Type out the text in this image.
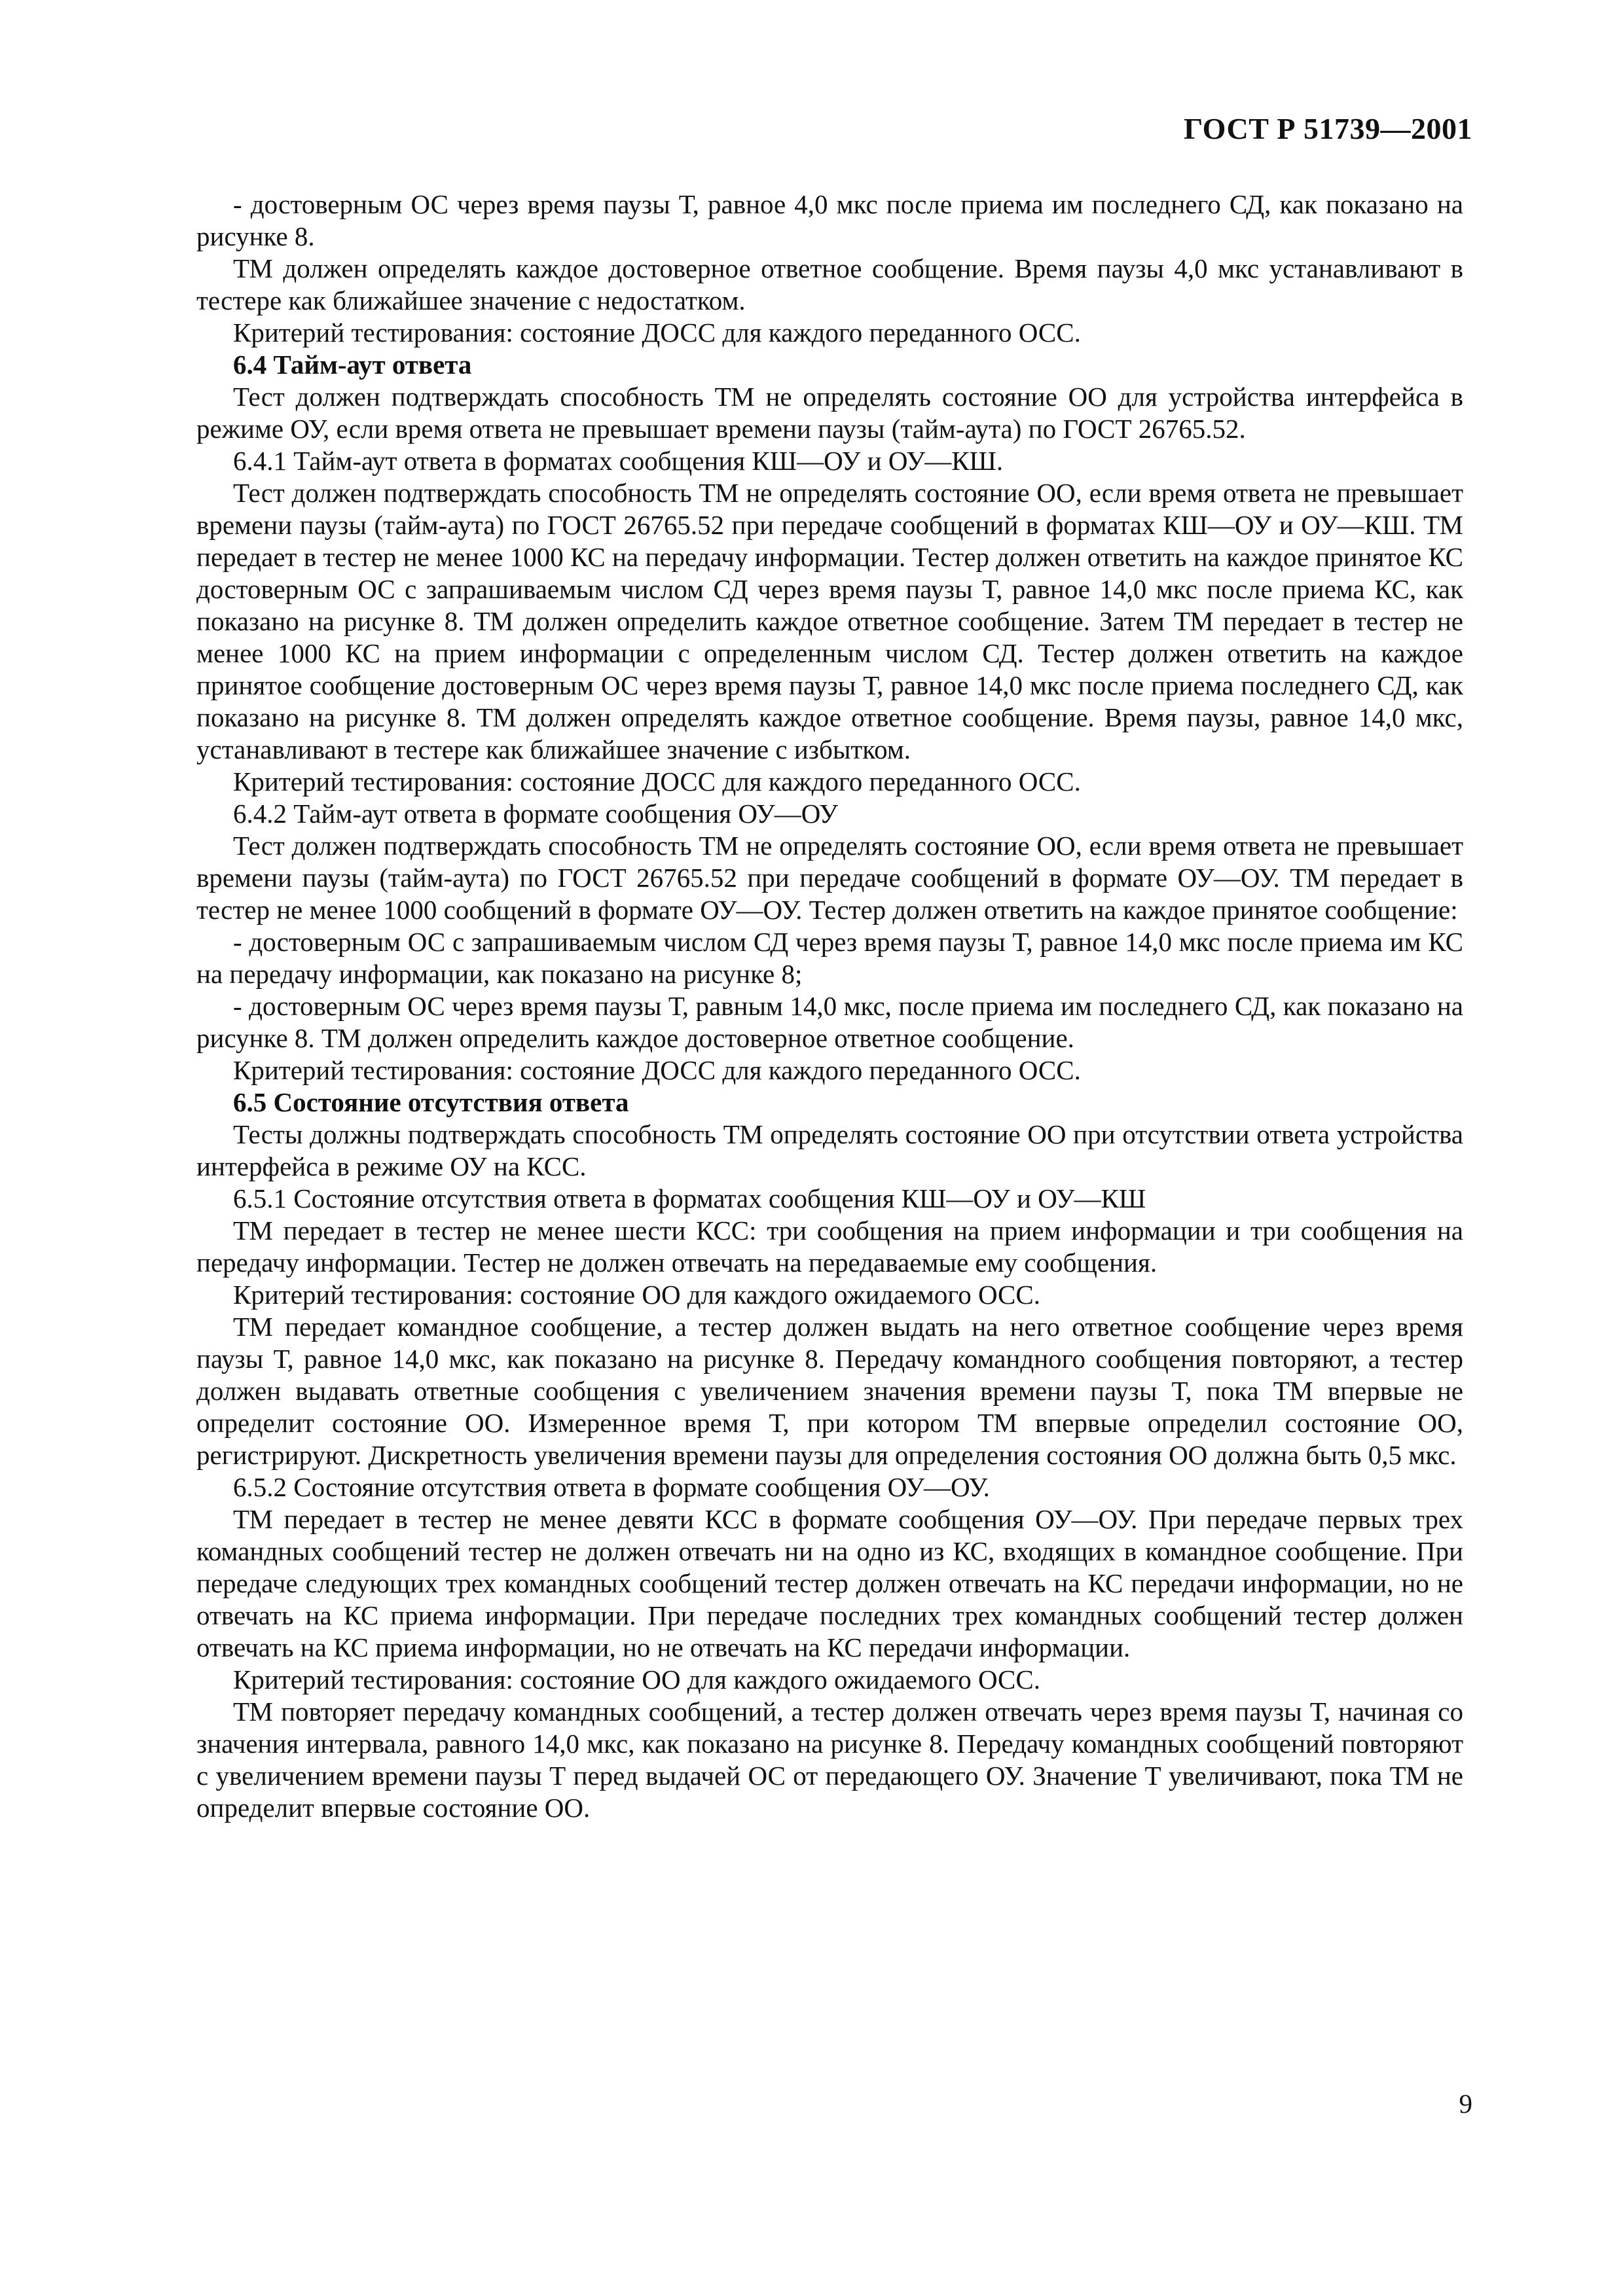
ГОСТ Р 51739—2001

- достоверным ОС через время паузы Т, равное 4,0 мкс после приема им последнего СД, как показано на рисунке 8.

ТМ должен определять каждое достоверное ответное сообщение. Время паузы 4,0 мкс устанавливают в тестере как ближайшее значение с недостатком.

Критерий тестирования: состояние ДОСС для каждого переданного ОСС.

6.4 Тайм-аут ответа

Тест должен подтверждать способность ТМ не определять состояние ОО для устройства интерфейса в режиме ОУ, если время ответа не превышает времени паузы (тайм-аута) по ГОСТ 26765.52.

6.4.1 Тайм-аут ответа в форматах сообщения КШ—ОУ и ОУ—КШ.

Тест должен подтверждать способность ТМ не определять состояние ОО, если время ответа не превышает времени паузы (тайм-аута) по ГОСТ 26765.52 при передаче сообщений в форматах КШ—ОУ и ОУ—КШ. ТМ передает в тестер не менее 1000 КС на передачу информации. Тестер должен ответить на каждое принятое КС достоверным ОС с запрашиваемым числом СД через время паузы Т, равное 14,0 мкс после приема КС, как показано на рисунке 8. ТМ должен определить каждое ответное сообщение. Затем ТМ передает в тестер не менее 1000 КС на прием информации с определенным числом СД. Тестер должен ответить на каждое принятое сообщение достоверным ОС через время паузы Т, равное 14,0 мкс после приема последнего СД, как показано на рисунке 8. ТМ должен определять каждое ответное сообщение. Время паузы, равное 14,0 мкс, устанавливают в тестере как ближайшее значение с избытком.

Критерий тестирования: состояние ДОСС для каждого переданного ОСС.

6.4.2 Тайм-аут ответа в формате сообщения ОУ—ОУ

Тест должен подтверждать способность ТМ не определять состояние ОО, если время ответа не превышает времени паузы (тайм-аута) по ГОСТ 26765.52 при передаче сообщений в формате ОУ—ОУ. ТМ передает в тестер не менее 1000 сообщений в формате ОУ—ОУ. Тестер должен ответить на каждое принятое сообщение:

- достоверным ОС с запрашиваемым числом СД через время паузы Т, равное 14,0 мкс после приема им КС на передачу информации, как показано на рисунке 8;

- достоверным ОС через время паузы Т, равным 14,0 мкс, после приема им последнего СД, как показано на рисунке 8. ТМ должен определить каждое достоверное ответное сообщение.

Критерий тестирования: состояние ДОСС для каждого переданного ОСС.

6.5 Состояние отсутствия ответа

Тесты должны подтверждать способность ТМ определять состояние ОО при отсутствии ответа устройства интерфейса в режиме ОУ на КСС.

6.5.1 Состояние отсутствия ответа в форматах сообщения КШ—ОУ и ОУ—КШ

ТМ передает в тестер не менее шести КСС: три сообщения на прием информации и три сообщения на передачу информации. Тестер не должен отвечать на передаваемые ему сообщения.

Критерий тестирования: состояние ОО для каждого ожидаемого ОСС.

ТМ передает командное сообщение, а тестер должен выдать на него ответное сообщение через время паузы Т, равное 14,0 мкс, как показано на рисунке 8. Передачу командного сообщения повторяют, а тестер должен выдавать ответные сообщения с увеличением значения времени паузы Т, пока ТМ впервые не определит состояние ОО. Измеренное время Т, при котором ТМ впервые определил состояние ОО, регистрируют. Дискретность увеличения времени паузы для определения состояния ОО должна быть 0,5 мкс.

6.5.2 Состояние отсутствия ответа в формате сообщения ОУ—ОУ.

ТМ передает в тестер не менее девяти КСС в формате сообщения ОУ—ОУ. При передаче первых трех командных сообщений тестер не должен отвечать ни на одно из КС, входящих в командное сообщение. При передаче следующих трех командных сообщений тестер должен отвечать на КС передачи информации, но не отвечать на КС приема информации. При передаче последних трех командных сообщений тестер должен отвечать на КС приема информации, но не отвечать на КС передачи информации.

Критерий тестирования: состояние ОО для каждого ожидаемого ОСС.

ТМ повторяет передачу командных сообщений, а тестер должен отвечать через время паузы Т, начиная со значения интервала, равного 14,0 мкс, как показано на рисунке 8. Передачу командных сообщений повторяют с увеличением времени паузы Т перед выдачей ОС от передающего ОУ. Значение Т увеличивают, пока ТМ не определит впервые состояние ОО.

9
